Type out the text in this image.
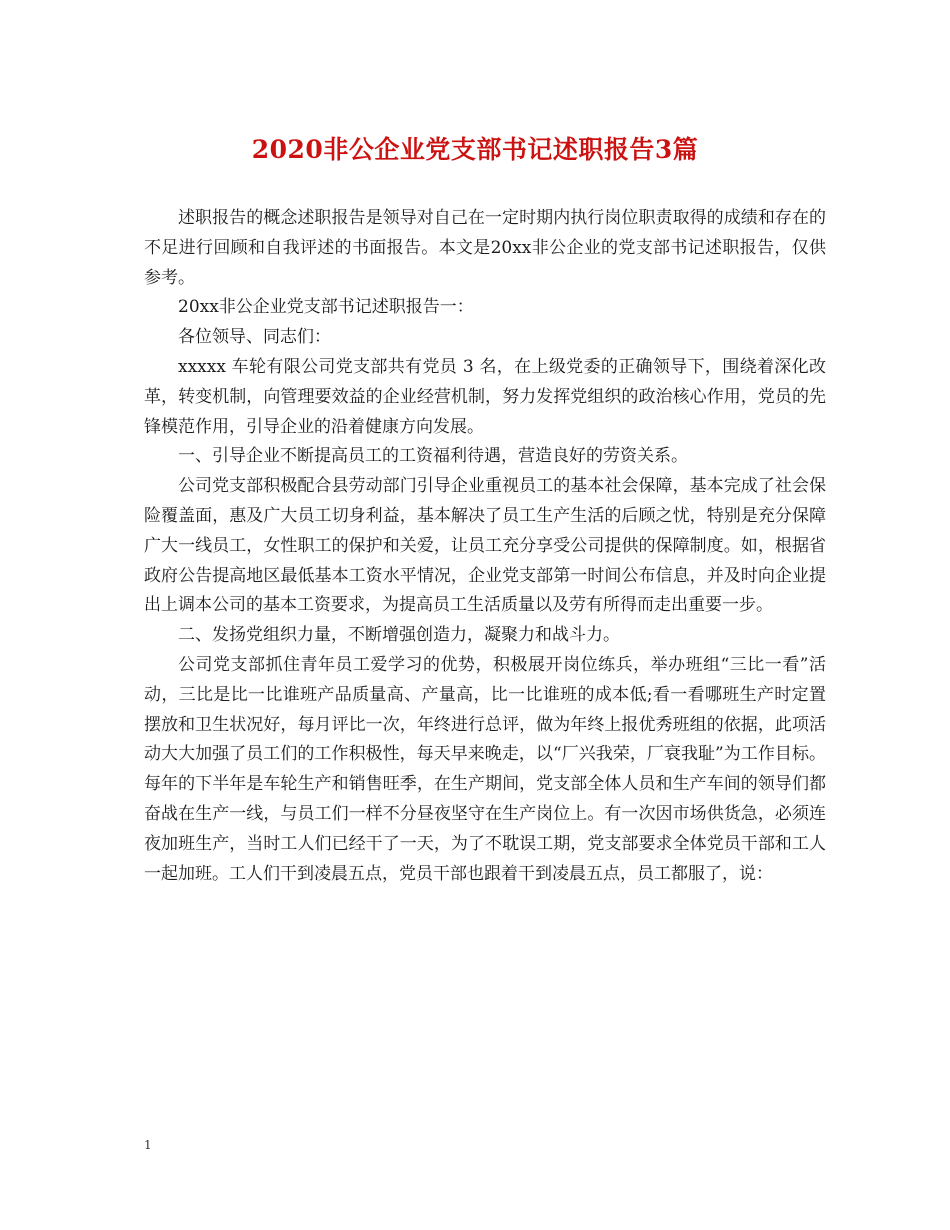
2020非公企业党支部书记述职报告3篇

述职报告的概念述职报告是领导对自己在一定时期内执行岗位职责取得的成绩和存在的不足进行回顾和自我评述的书面报告。本文是20xx非公企业的党支部书记述职报告，仅供参考。

20xx非公企业党支部书记述职报告一：

各位领导、同志们：

xxxxx 车轮有限公司党支部共有党员 3 名，在上级党委的正确领导下，围绕着深化改革，转变机制，向管理要效益的企业经营机制，努力发挥党组织的政治核心作用，党员的先锋模范作用，引导企业的沿着健康方向发展。

一、引导企业不断提高员工的工资福利待遇，营造良好的劳资关系。

公司党支部积极配合县劳动部门引导企业重视员工的基本社会保障，基本完成了社会保险覆盖面，惠及广大员工切身利益，基本解决了员工生产生活的后顾之忧，特别是充分保障广大一线员工，女性职工的保护和关爱，让员工充分享受公司提供的保障制度。如，根据省政府公告提高地区最低基本工资水平情况，企业党支部第一时间公布信息，并及时向企业提出上调本公司的基本工资要求，为提高员工生活质量以及劳有所得而走出重要一步。

二、发扬党组织力量，不断增强创造力，凝聚力和战斗力。

公司党支部抓住青年员工爱学习的优势，积极展开岗位练兵，举办班组“三比一看”活动，三比是比一比谁班产品质量高、产量高，比一比谁班的成本低;看一看哪班生产时定置摆放和卫生状况好，每月评比一次，年终进行总评，做为年终上报优秀班组的依据，此项活动大大加强了员工们的工作积极性，每天早来晚走，以“厂兴我荣，厂衰我耻”为工作目标。 每年的下半年是车轮生产和销售旺季，在生产期间，党支部全体人员和生产车间的领导们都奋战在生产一线，与员工们一样不分昼夜坚守在生产岗位上。有一次因市场供货急，必须连夜加班生产，当时工人们已经干了一天，为了不耽误工期，党支部要求全体党员干部和工人一起加班。工人们干到凌晨五点，党员干部也跟着干到凌晨五点，员工都服了，说：

1
